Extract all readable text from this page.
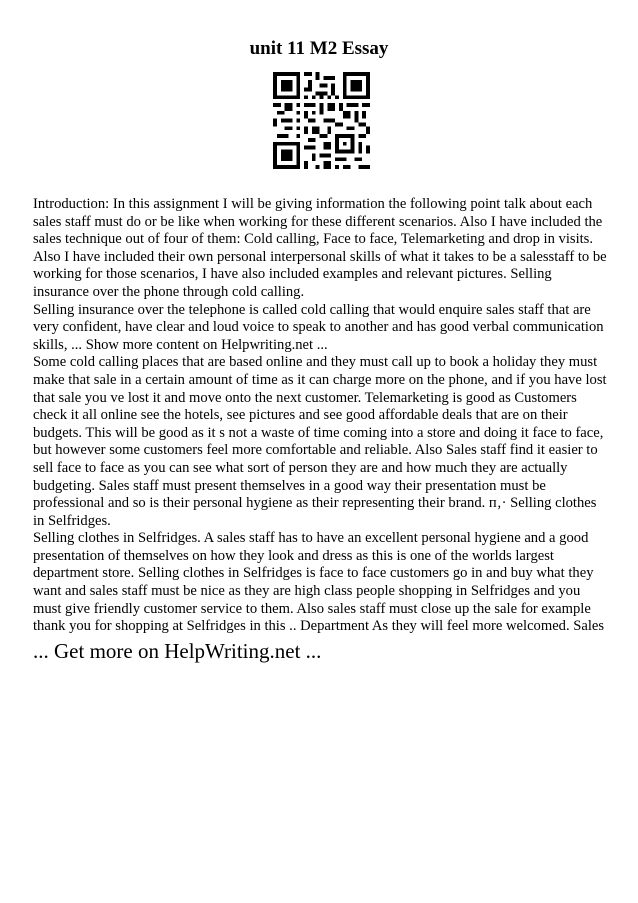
unit 11 M2 Essay

Introduction: In this assignment I will be giving information the following point talk about each sales staff must do or be like when working for these different scenarios. Also I have included the sales technique out of four of them: Cold calling, Face to face, Telemarketing and drop in visits. Also I have included their own personal interpersonal skills of what it takes to be a salesstaff to be working for those scenarios, I have also included examples and relevant pictures. Selling insurance over the phone through cold calling.

Selling insurance over the telephone is called cold calling that would enquire sales staff that are very confident, have clear and loud voice to speak to another and has good verbal communication skills, ... Show more content on Helpwriting.net ...

Some cold calling places that are based online and they must call up to book a holiday they must make that sale in a certain amount of time as it can charge more on the phone, and if you have lost that sale you ve lost it and move onto the next customer. Telemarketing is good as Customers check it all online see the hotels, see pictures and see good affordable deals that are on their budgets. This will be good as it s not a waste of time coming into a store and doing it face to face, but however some customers feel more comfortable and reliable. Also Sales staff find it easier to sell face to face as you can see what sort of person they are and how much they are actually budgeting. Sales staff must present themselves in a good way their presentation must be professional and so is their personal hygiene as their representing their brand. п‚· Selling clothes in Selfridges.

Selling clothes in Selfridges. A sales staff has to have an excellent personal hygiene and a good presentation of themselves on how they look and dress as this is one of the worlds largest department store. Selling clothes in Selfridges is face to face customers go in and buy what they want and sales staff must be nice as they are high class people shopping in Selfridges and you must give friendly customer service to them. Also sales staff must close up the sale for example thank you for shopping at Selfridges in this .. Department As they will feel more welcomed. Sales

... Get more on HelpWriting.net ...
